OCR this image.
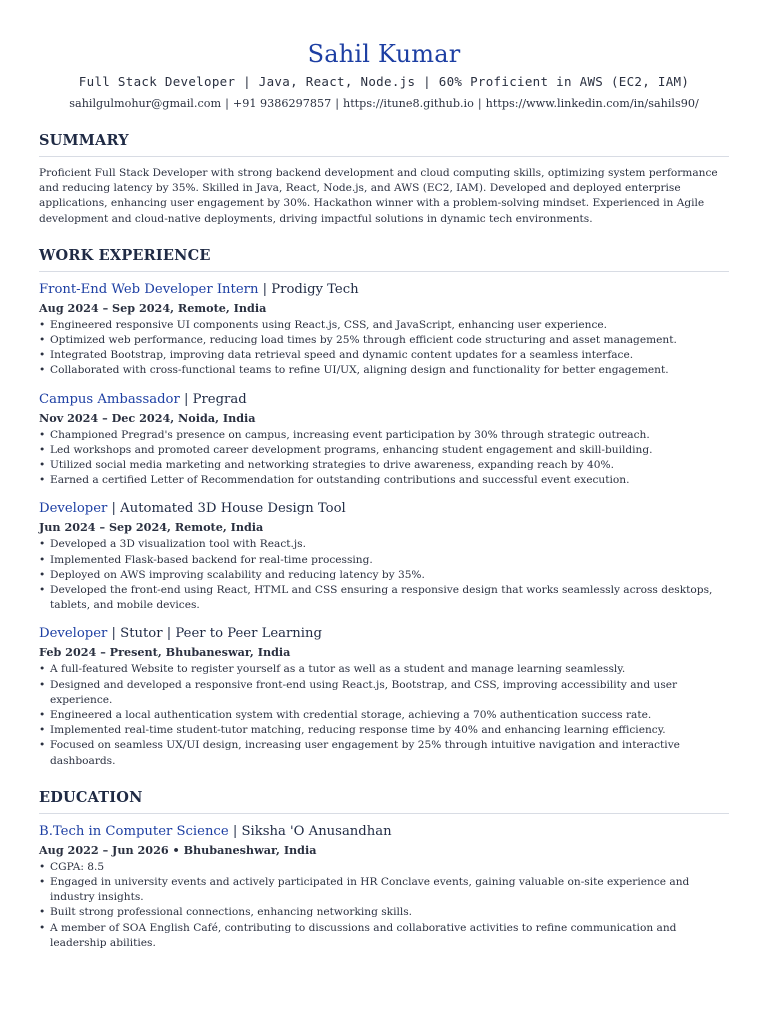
Sahil Kumar
Full Stack Developer | Java, React, Node.js | 60% Proficient in AWS (EC2, IAM)
sahilgulmohur@gmail.com | +91 9386297857 | https://itune8.github.io | https://www.linkedin.com/in/sahils90/
SUMMARY

Proficient Full Stack Developer with strong backend development and cloud computing skills, optimizing system performance and reducing latency by 35%. Skilled in Java, React, Node.js, and AWS (EC2, IAM). Developed and deployed enterprise applications, enhancing user engagement by 30%. Hackathon winner with a problem-solving mindset. Experienced in Agile development and cloud-native deployments, driving impactful solutions in dynamic tech environments.

WORK EXPERIENCE
Front-End Web Developer Intern | Prodigy Tech
Aug 2024 – Sep 2024, Remote, India
• Engineered responsive UI components using React.js, CSS, and JavaScript, enhancing user experience.
• Optimized web performance, reducing load times by 25% through efficient code structuring and asset management.
• Integrated Bootstrap, improving data retrieval speed and dynamic content updates for a seamless interface.
• Collaborated with cross-functional teams to refine UI/UX, aligning design and functionality for better engagement.
Campus Ambassador | Pregrad
Nov 2024 – Dec 2024, Noida, India
• Championed Pregrad's presence on campus, increasing event participation by 30% through strategic outreach.
• Led workshops and promoted career development programs, enhancing student engagement and skill-building.
• Utilized social media marketing and networking strategies to drive awareness, expanding reach by 40%.
• Earned a certified Letter of Recommendation for outstanding contributions and successful event execution.
Developer | Automated 3D House Design Tool
Jun 2024 – Sep 2024, Remote, India
• Developed a 3D visualization tool with React.js.
• Implemented Flask-based backend for real-time processing.
• Deployed on AWS improving scalability and reducing latency by 35%.
• Developed the front-end using React, HTML and CSS ensuring a responsive design that works seamlessly across desktops, tablets, and mobile devices.
Developer | Stutor | Peer to Peer Learning
Feb 2024 – Present, Bhubaneswar, India
• A full-featured Website to register yourself as a tutor as well as a student and manage learning seamlessly.
• Designed and developed a responsive front-end using React.js, Bootstrap, and CSS, improving accessibility and user experience.
• Engineered a local authentication system with credential storage, achieving a 70% authentication success rate.
• Implemented real-time student-tutor matching, reducing response time by 40% and enhancing learning efficiency.
• Focused on seamless UX/UI design, increasing user engagement by 25% through intuitive navigation and interactive dashboards.
EDUCATION
B.Tech in Computer Science | Siksha 'O Anusandhan
Aug 2022 – Jun 2026 • Bhubaneshwar, India
• CGPA: 8.5
• Engaged in university events and actively participated in HR Conclave events, gaining valuable on-site experience and industry insights.
• Built strong professional connections, enhancing networking skills.
• A member of SOA English Café, contributing to discussions and collaborative activities to refine communication and leadership abilities.
